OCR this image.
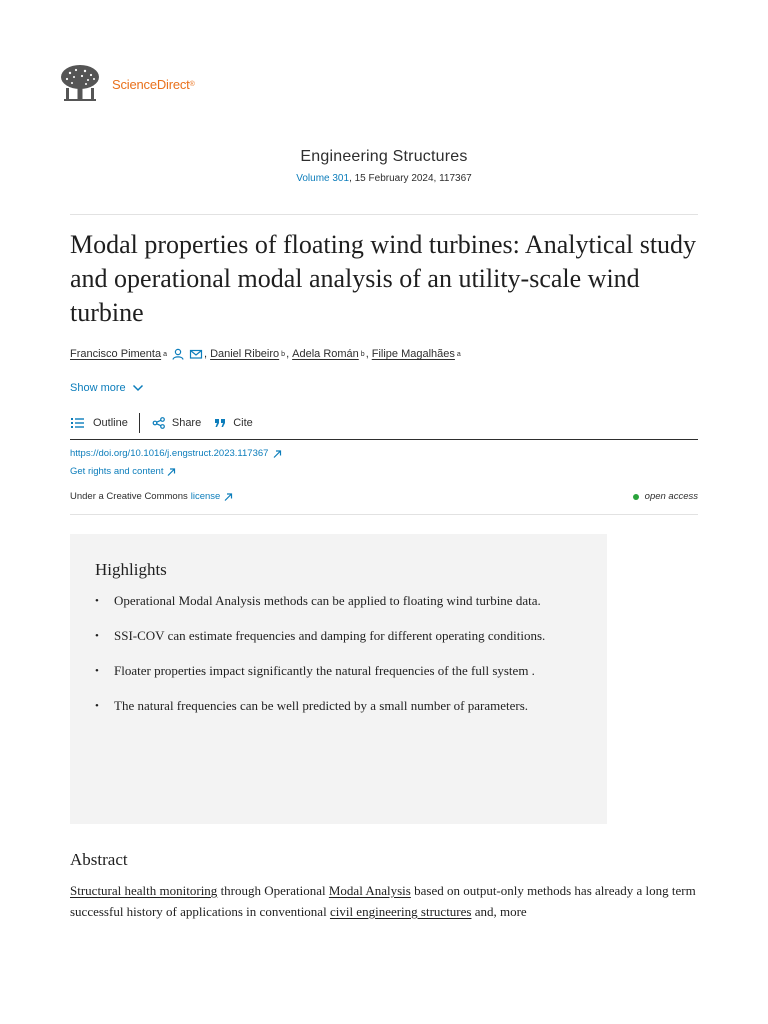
ScienceDirect ®
Engineering Structures
Volume 301, 15 February 2024, 117367
Modal properties of floating wind turbines: Analytical study and operational modal analysis of an utility-scale wind turbine
Francisco Pimenta a	, Daniel Ribeiro b , Adela Román b , Filipe Magalhães a
Show more
Outline	Share	Cite
https://doi.org/10.1016/j.engstruct.2023.117367
Get rights and content
Under a Creative Commons license	open access
Highlights
• Operational Modal Analysis methods can be applied to floating wind turbine data.
• SSI-COV can estimate frequencies and damping for different operating conditions.
• Floater properties impact significantly the natural frequencies of the full system .
• The natural frequencies can be well predicted by a small number of parameters.
Abstract
Structural health monitoring through Operational Modal Analysis based on output-only methods has already a long term successful history of applications in conventional civil engineering structures and, more
